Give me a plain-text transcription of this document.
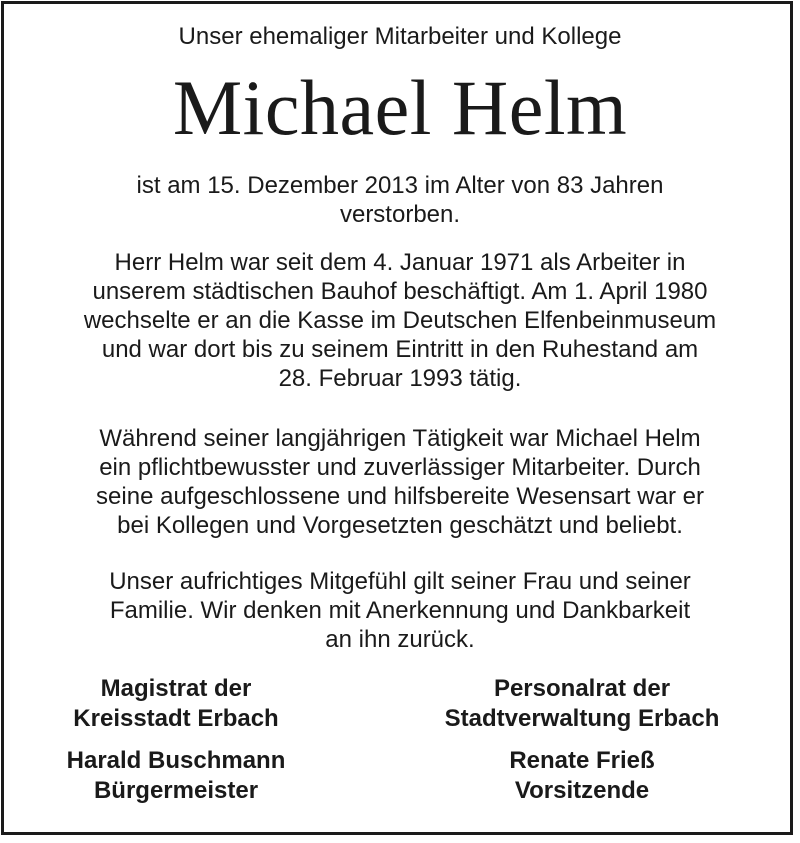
Unser ehemaliger Mitarbeiter und Kollege
Michael Helm
ist am 15. Dezember 2013 im Alter von 83 Jahren
verstorben.
Herr Helm war seit dem 4. Januar 1971 als Arbeiter in
unserem städtischen Bauhof beschäftigt. Am 1. April 1980
wechselte er an die Kasse im Deutschen Elfenbeinmuseum
und war dort bis zu seinem Eintritt in den Ruhestand am
28. Februar 1993 tätig.
Während seiner langjährigen Tätigkeit war Michael Helm
ein pflichtbewusster und zuverlässiger Mitarbeiter. Durch
seine aufgeschlossene und hilfsbereite Wesensart war er
bei Kollegen und Vorgesetzten geschätzt und beliebt.
Unser aufrichtiges Mitgefühl gilt seiner Frau und seiner
Familie. Wir denken mit Anerkennung und Dankbarkeit
an ihn zurück.
Magistrat der
Kreisstadt Erbach
Personalrat der
Stadtverwaltung Erbach
Harald Buschmann
Bürgermeister
Renate Frieß
Vorsitzende
